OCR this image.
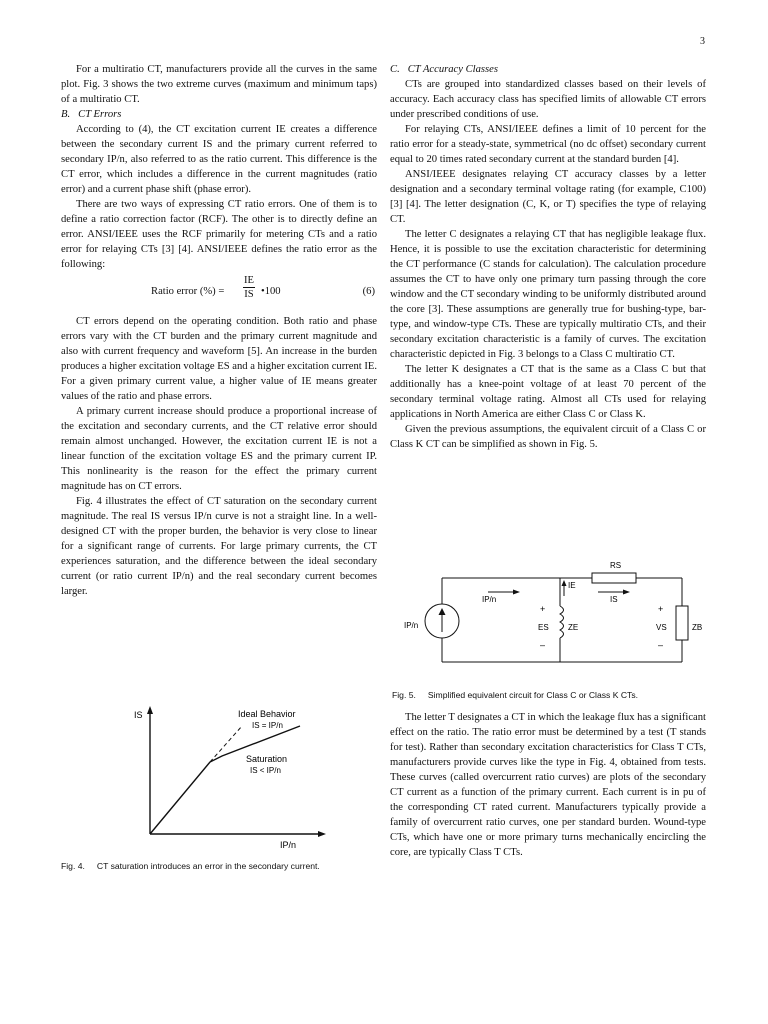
3

For a multiratio CT, manufacturers provide all the curves in the same plot. Fig. 3 shows the two extreme curves (maximum and minimum taps) of a multiratio CT.

B. CT Errors

According to (4), the CT excitation current IE creates a difference between the secondary current IS and the primary current referred to secondary IP/n, also referred to as the ratio current. This difference is the CT error, which includes a difference in the current magnitudes (ratio error) and a current phase shift (phase error).

There are two ways of expressing CT ratio errors. One of them is to define a ratio correction factor (RCF). The other is to directly define an error. ANSI/IEEE uses the RCF primarily for metering CTs and a ratio error for relaying CTs [3] [4]. ANSI/IEEE defines the ratio error as the following:

Ratio error (%) = $\frac{IE}{IS}$ •100	(6)

CT errors depend on the operating condition. Both ratio and phase errors vary with the CT burden and the primary current magnitude and also with current frequency and waveform [5]. An increase in the burden produces a higher excitation voltage ES and a higher excitation current IE. For a given primary current value, a higher value of IE means greater values of the ratio and phase errors.

A primary current increase should produce a proportional increase of the excitation and secondary currents, and the CT relative error should remain almost unchanged. However, the excitation current IE is not a linear function of the excitation voltage ES and the primary current IP. This nonlinearity is the reason for the effect the primary current magnitude has on CT errors.

Fig. 4 illustrates the effect of CT saturation on the secondary current magnitude. The real IS versus IP/n curve is not a straight line. In a well-designed CT with the proper burden, the behavior is very close to linear for a significant range of currents. For large primary currents, the CT experiences saturation, and the difference between the ideal secondary current (or ratio current IP/n) and the real secondary current becomes larger.

IS
IP/n
Ideal Behavior
IS = IP/n
Saturation
IS < IP/n
Fig. 4. CT saturation introduces an error in the secondary current.

C. CT Accuracy Classes

CTs are grouped into standardized classes based on their levels of accuracy. Each accuracy class has specified limits of allowable CT errors under prescribed conditions of use.

For relaying CTs, ANSI/IEEE defines a limit of 10 percent for the ratio error for a steady-state, symmetrical (no dc offset) secondary current equal to 20 times rated secondary current at the standard burden [4].

ANSI/IEEE designates relaying CT accuracy classes by a letter designation and a secondary terminal voltage rating (for example, C100) [3] [4]. The letter designation (C, K, or T) specifies the type of relaying CT.

The letter C designates a relaying CT that has negligible leakage flux. Hence, it is possible to use the excitation characteristic for determining the CT performance (C stands for calculation). The calculation procedure assumes the CT to have only one primary turn passing through the core window and the CT secondary winding to be uniformly distributed around the core [3]. These assumptions are generally true for bushing-type, bar-type, and window-type CTs. These are typically multiratio CTs, and their secondary excitation characteristic is a family of curves. The excitation characteristic depicted in Fig. 3 belongs to a Class C multiratio CT.

The letter K designates a CT that is the same as a Class C but that additionally has a knee-point voltage of at least 70 percent of the secondary terminal voltage rating. Almost all CTs used for relaying applications in North America are either Class C or Class K.

Given the previous assumptions, the equivalent circuit of a Class C or Class K CT can be simplified as shown in Fig. 5.

RS
IE
IP/n	IS
IP/n
+
ES
–
ZE
+
VS
–
ZB
Fig. 5. Simplified equivalent circuit for Class C or Class K CTs.

The letter T designates a CT in which the leakage flux has a significant effect on the ratio. The ratio error must be determined by a test (T stands for test). Rather than secondary excitation characteristics for Class T CTs, manufacturers provide curves like the type in Fig. 4, obtained from tests. These curves (called overcurrent ratio curves) are plots of the secondary CT current as a function of the primary current. Each current is in pu of the corresponding CT rated current. Manufacturers typically provide a family of overcurrent ratio curves, one per standard burden. Wound-type CTs, which have one or more primary turns mechanically encircling the core, are typically Class T CTs.
